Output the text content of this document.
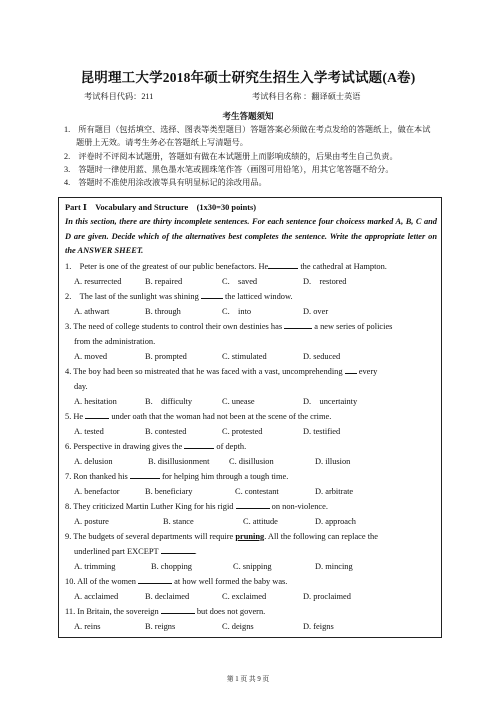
昆明理工大学2018年硕士研究生招生入学考试试题(A卷)
考试科目代码：211	考试科目名称 ：翻译硕士英语
考生答题须知
1.　所有题目（包括填空、选择、图表等类型题目）答题答案必须做在考点发给的答题纸上，做在本试题册上无效。请考生务必在答题纸上写清题号。
2.　评卷时不评阅本试题册，答题如有做在本试题册上而影响成绩的，后果由考生自己负责。
3.　答题时一律使用蓝、黑色墨水笔或圆珠笔作答（画图可用铅笔），用其它笔答题不给分。
4.　答题时不准使用涂改液等具有明显标记的涂改用品。
Part Ⅰ　Vocabulary and Structure　(1x30=30 points)
In this section, there are thirty incomplete sentences. For each sentence four choicess marked A, B, C and D are given. Decide which of the alternatives best completes the sentence. Write the appropriate letter on the ANSWER SHEET.
1.　Peter is one of the greatest of our public benefactors. He	the cathedral at Hampton.
A. resurrected	B. repaired	C.　saved	D.　restored
2.　The last of the sunlight was shining	the latticed window.
A. athwart	B. through	C.　into	D. over
3. The need of college students to control their own destinies has	a new series of policies
from the administration.
A. moved	B. prompted	C. stimulated	D. seduced
4. The boy had been so mistreated that he was faced with a vast, uncomprehending  every
day.
A. hesitation	B.　difficulty	C. unease	D.　uncertainty
5. He	under oath that the woman had not been at the scene of the crime.
A. tested	B. contested	C. protested	D. testified
6. Perspective in drawing gives the	of depth.
A. delusion	B. disillusionment C. disillusion	D. illusion
7. Ron thanked his	for helping him through a tough time.
A. benefactor	B. beneficiary	C. contestant	D. arbitrate
8. They criticized Martin Luther King for his rigid	on non-violence.
A. posture	B. stance	C. attitude	D. approach
9. The budgets of several departments will require pruning. All the following can replace the
underlined part EXCEPT	.
A. trimming	B. chopping	C. snipping	D. mincing
10. All of the women	at how well formed the baby was.
A. acclaimed	B. declaimed	C. exclaimed	D. proclaimed
11. In Britain, the sovereign	but does not govern.
A. reins	B. reigns	C. deigns	D. feigns
第 1 页 共 9 页
